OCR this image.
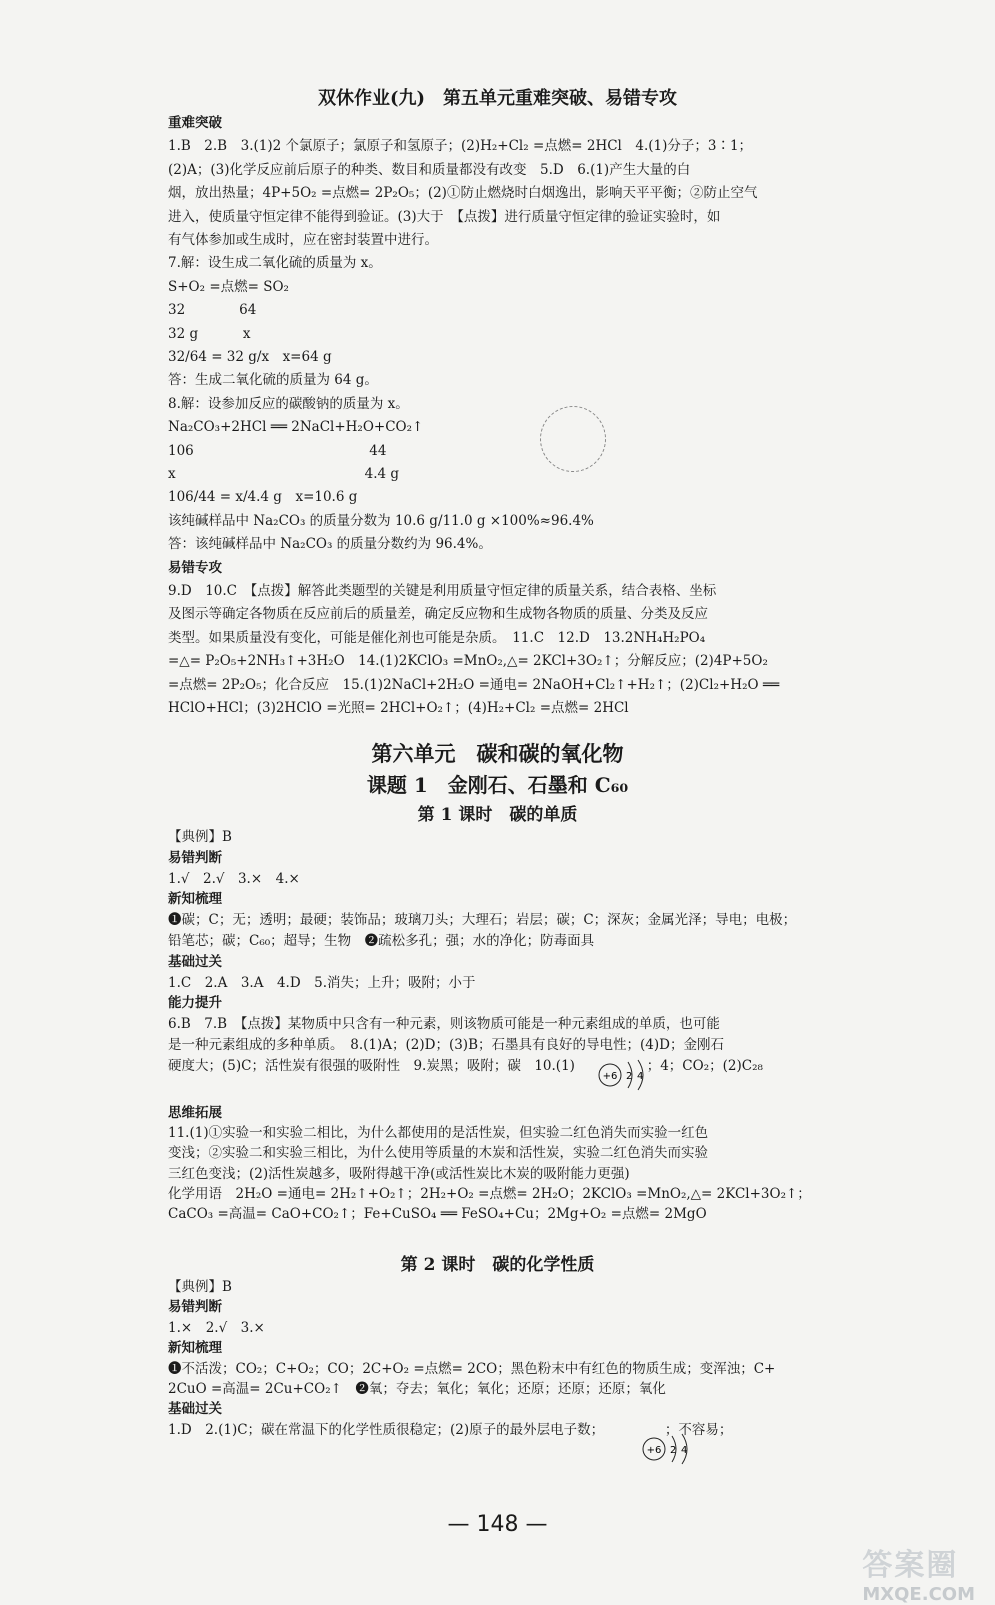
双休作业(九)　第五单元重难突破、易错专攻
重难突破
1.B　2.B　3.(1)2 个氯原子；氯原子和氢原子；(2)H₂+Cl₂ =点燃= 2HCl　4.(1)分子；3∶1；
(2)A；(3)化学反应前后原子的种类、数目和质量都没有改变　5.D　6.(1)产生大量的白
烟，放出热量；4P+5O₂ =点燃= 2P₂O₅；(2)①防止燃烧时白烟逸出，影响天平平衡；②防止空气
进入，使质量守恒定律不能得到验证。(3)大于　【点拨】进行质量守恒定律的验证实验时，如
有气体参加或生成时，应在密封装置中进行。
7.解：设生成二氧化硫的质量为 x。
S+O₂ =点燃= SO₂
32　　　　64
32 g　　　 x
32/64 = 32 g/x　x=64 g
答：生成二氧化硫的质量为 64 g。
8.解：设参加反应的碳酸钠的质量为 x。
Na₂CO₃+2HCl ══ 2NaCl+H₂O+CO₂↑
106　　　　　　　　　　　　　44
x　　　　　　　　　　　　　　4.4 g
106/44 = x/4.4 g　x=10.6 g
该纯碱样品中 Na₂CO₃ 的质量分数为 10.6 g/11.0 g ×100%≈96.4%
答：该纯碱样品中 Na₂CO₃ 的质量分数约为 96.4%。
易错专攻
9.D　10.C　【点拨】解答此类题型的关键是利用质量守恒定律的质量关系，结合表格、坐标
及图示等确定各物质在反应前后的质量差，确定反应物和生成物各物质的质量、分类及反应
类型。如果质量没有变化，可能是催化剂也可能是杂质。　11.C　12.D　13.2NH₄H₂PO₄
=△= P₂O₅+2NH₃↑+3H₂O　14.(1)2KClO₃ =MnO₂,△= 2KCl+3O₂↑；分解反应；(2)4P+5O₂
=点燃= 2P₂O₅；化合反应　15.(1)2NaCl+2H₂O =通电= 2NaOH+Cl₂↑+H₂↑；(2)Cl₂+H₂O ══
HClO+HCl；(3)2HClO =光照= 2HCl+O₂↑；(4)H₂+Cl₂ =点燃= 2HCl
第六单元　碳和碳的氧化物
课题 1　金刚石、石墨和 C₆₀
第 1 课时　碳的单质
【典例】B
易错判断
1.√　2.√　3.×　4.×
新知梳理
❶碳；C；无；透明；最硬；装饰品；玻璃刀头；大理石；岩层；碳；C；深灰；金属光泽；导电；电极；
铅笔芯；碳；C₆₀；超导；生物　❷疏松多孔；强；水的净化；防毒面具
基础过关
1.C　2.A　3.A　4.D　5.消失；上升；吸附；小于
能力提升
6.B　7.B　【点拨】某物质中只含有一种元素，则该物质可能是一种元素组成的单质，也可能
是一种元素组成的多种单质。　8.(1)A；(2)D；(3)B；石墨具有良好的导电性；(4)D；金刚石
硬度大；(5)C；活性炭有很强的吸附性　9.炭黑；吸附；碳　10.(1)　　　　　 ；4；CO₂；(2)C₂₈
+6 2 4
思维拓展
11.(1)①实验一和实验二相比，为什么都使用的是活性炭，但实验二红色消失而实验一红色
变浅；②实验二和实验三相比，为什么使用等质量的木炭和活性炭，实验二红色消失而实验
三红色变浅；(2)活性炭越多，吸附得越干净(或活性炭比木炭的吸附能力更强)
化学用语　2H₂O =通电= 2H₂↑+O₂↑；2H₂+O₂ =点燃= 2H₂O；2KClO₃ =MnO₂,△= 2KCl+3O₂↑；
CaCO₃ =高温= CaO+CO₂↑；Fe+CuSO₄ ══ FeSO₄+Cu；2Mg+O₂ =点燃= 2MgO
第 2 课时　碳的化学性质
【典例】B
易错判断
1.×　2.√　3.×
新知梳理
❶不活泼；CO₂；C+O₂；CO；2C+O₂ =点燃= 2CO；黑色粉末中有红色的物质生成；变浑浊；C+
2CuO =高温= 2Cu+CO₂↑　❷氧；夺去；氧化；氧化；还原；还原；还原；氧化
基础过关
1.D　2.(1)C；碳在常温下的化学性质很稳定；(2)原子的最外层电子数；　　　　　；不容易；
+6 2 4
— 148 —
答案圈
MXQE.COM
